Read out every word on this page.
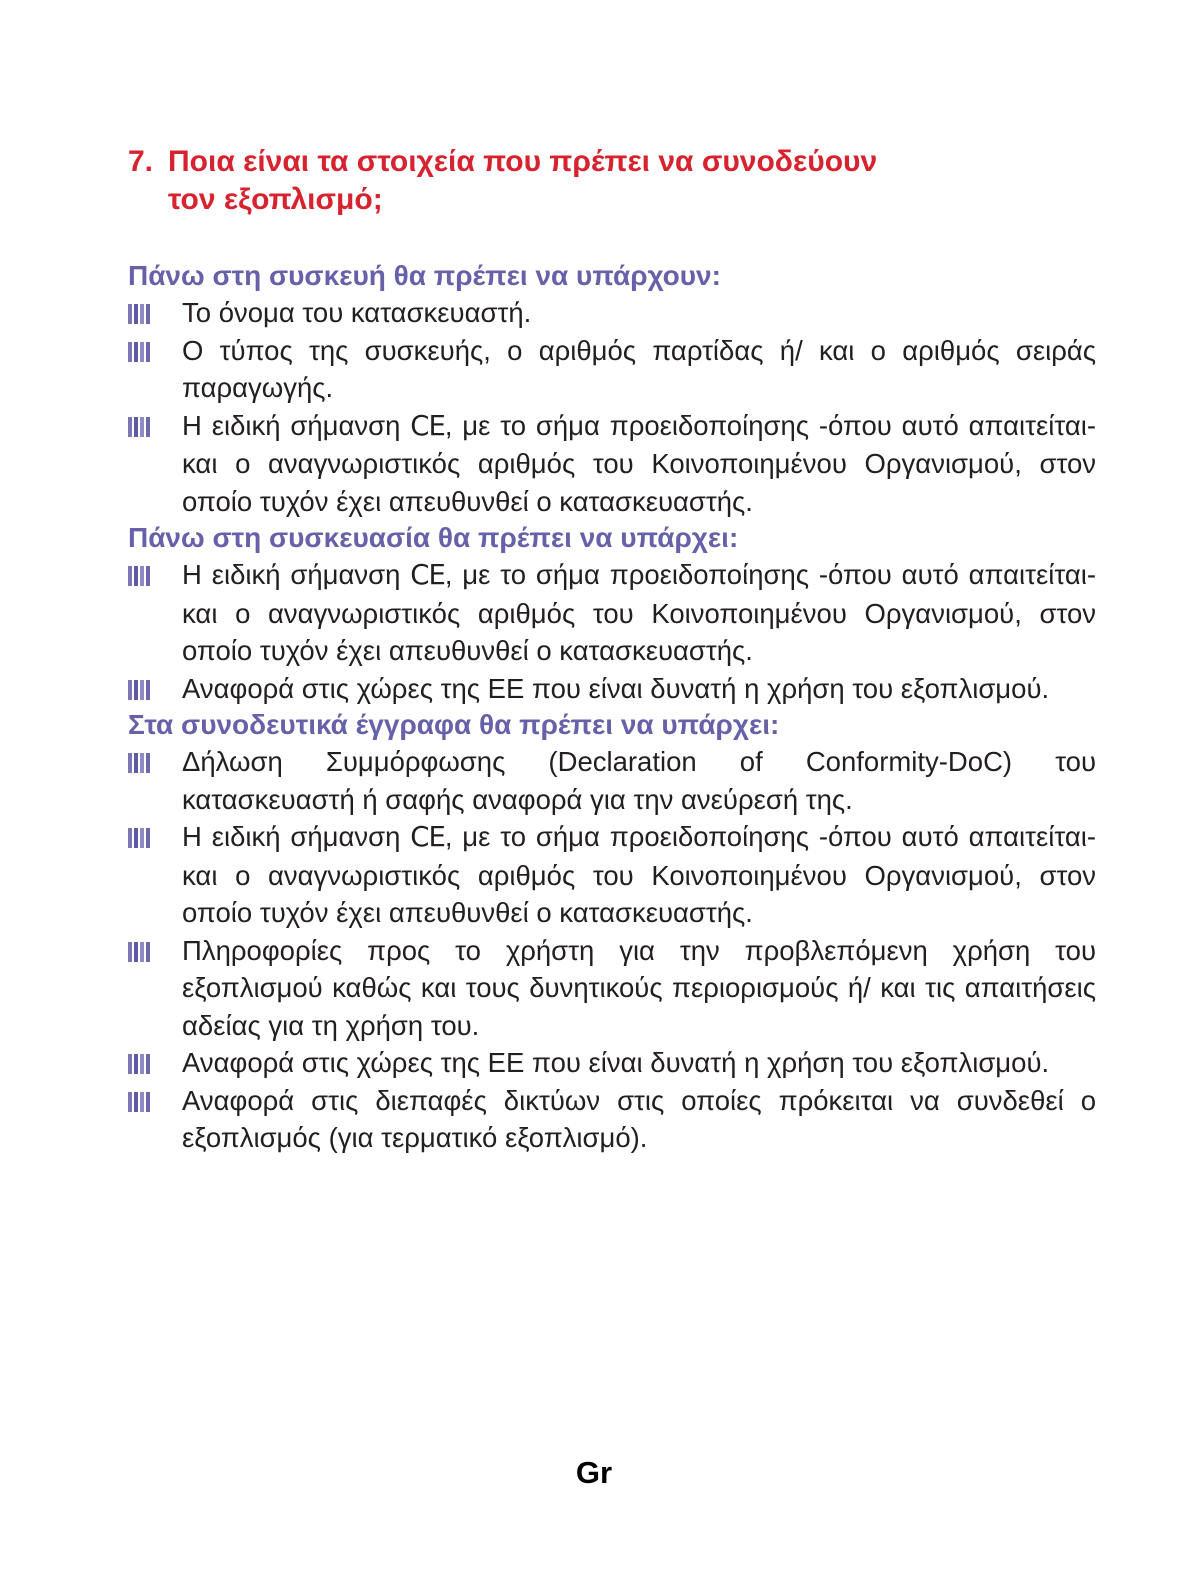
7. Ποια είναι τα στοιχεία που πρέπει να συνοδεύουν
τον εξοπλισμό;
Πάνω στη συσκευή θα πρέπει να υπάρχουν:
Το όνομα του κατασκευαστή.
Ο τύπος της συσκευής, ο αριθμός παρτίδας ή/ και ο αριθμός σειράς παραγωγής.
Η ειδική σήμανση CE, με το σήμα προειδοποίησης -όπου αυτό απαιτείται- και ο αναγνωριστικός αριθμός του Κοινοποιημένου Οργανισμού, στον οποίο τυχόν έχει απευθυνθεί ο κατασκευαστής.
Πάνω στη συσκευασία θα πρέπει να υπάρχει:
Η ειδική σήμανση CE, με το σήμα προειδοποίησης -όπου αυτό απαιτείται- και ο αναγνωριστικός αριθμός του Κοινοποιημένου Οργανισμού, στον οποίο τυχόν έχει απευθυνθεί ο κατασκευαστής.
Αναφορά στις χώρες της ΕΕ που είναι δυνατή η χρήση του εξοπλισμού.
Στα συνοδευτικά έγγραφα θα πρέπει να υπάρχει:
Δήλωση Συμμόρφωσης (Declaration of Conformity-DoC) του κατασκευαστή ή σαφής αναφορά για την ανεύρεσή της.
Η ειδική σήμανση CE, με το σήμα προειδοποίησης -όπου αυτό απαιτείται- και ο αναγνωριστικός αριθμός του Κοινοποιημένου Οργανισμού, στον οποίο τυχόν έχει απευθυνθεί ο κατασκευαστής.
Πληροφορίες προς το χρήστη για την προβλεπόμενη χρήση του εξοπλισμού καθώς και τους δυνητικούς περιορισμούς ή/ και τις απαιτήσεις αδείας για τη χρήση του.
Αναφορά στις χώρες της ΕΕ που είναι δυνατή η χρήση του εξοπλισμού.
Αναφορά στις διεπαφές δικτύων στις οποίες πρόκειται να συνδεθεί ο εξοπλισμός (για τερματικό εξοπλισμό).
Gr
